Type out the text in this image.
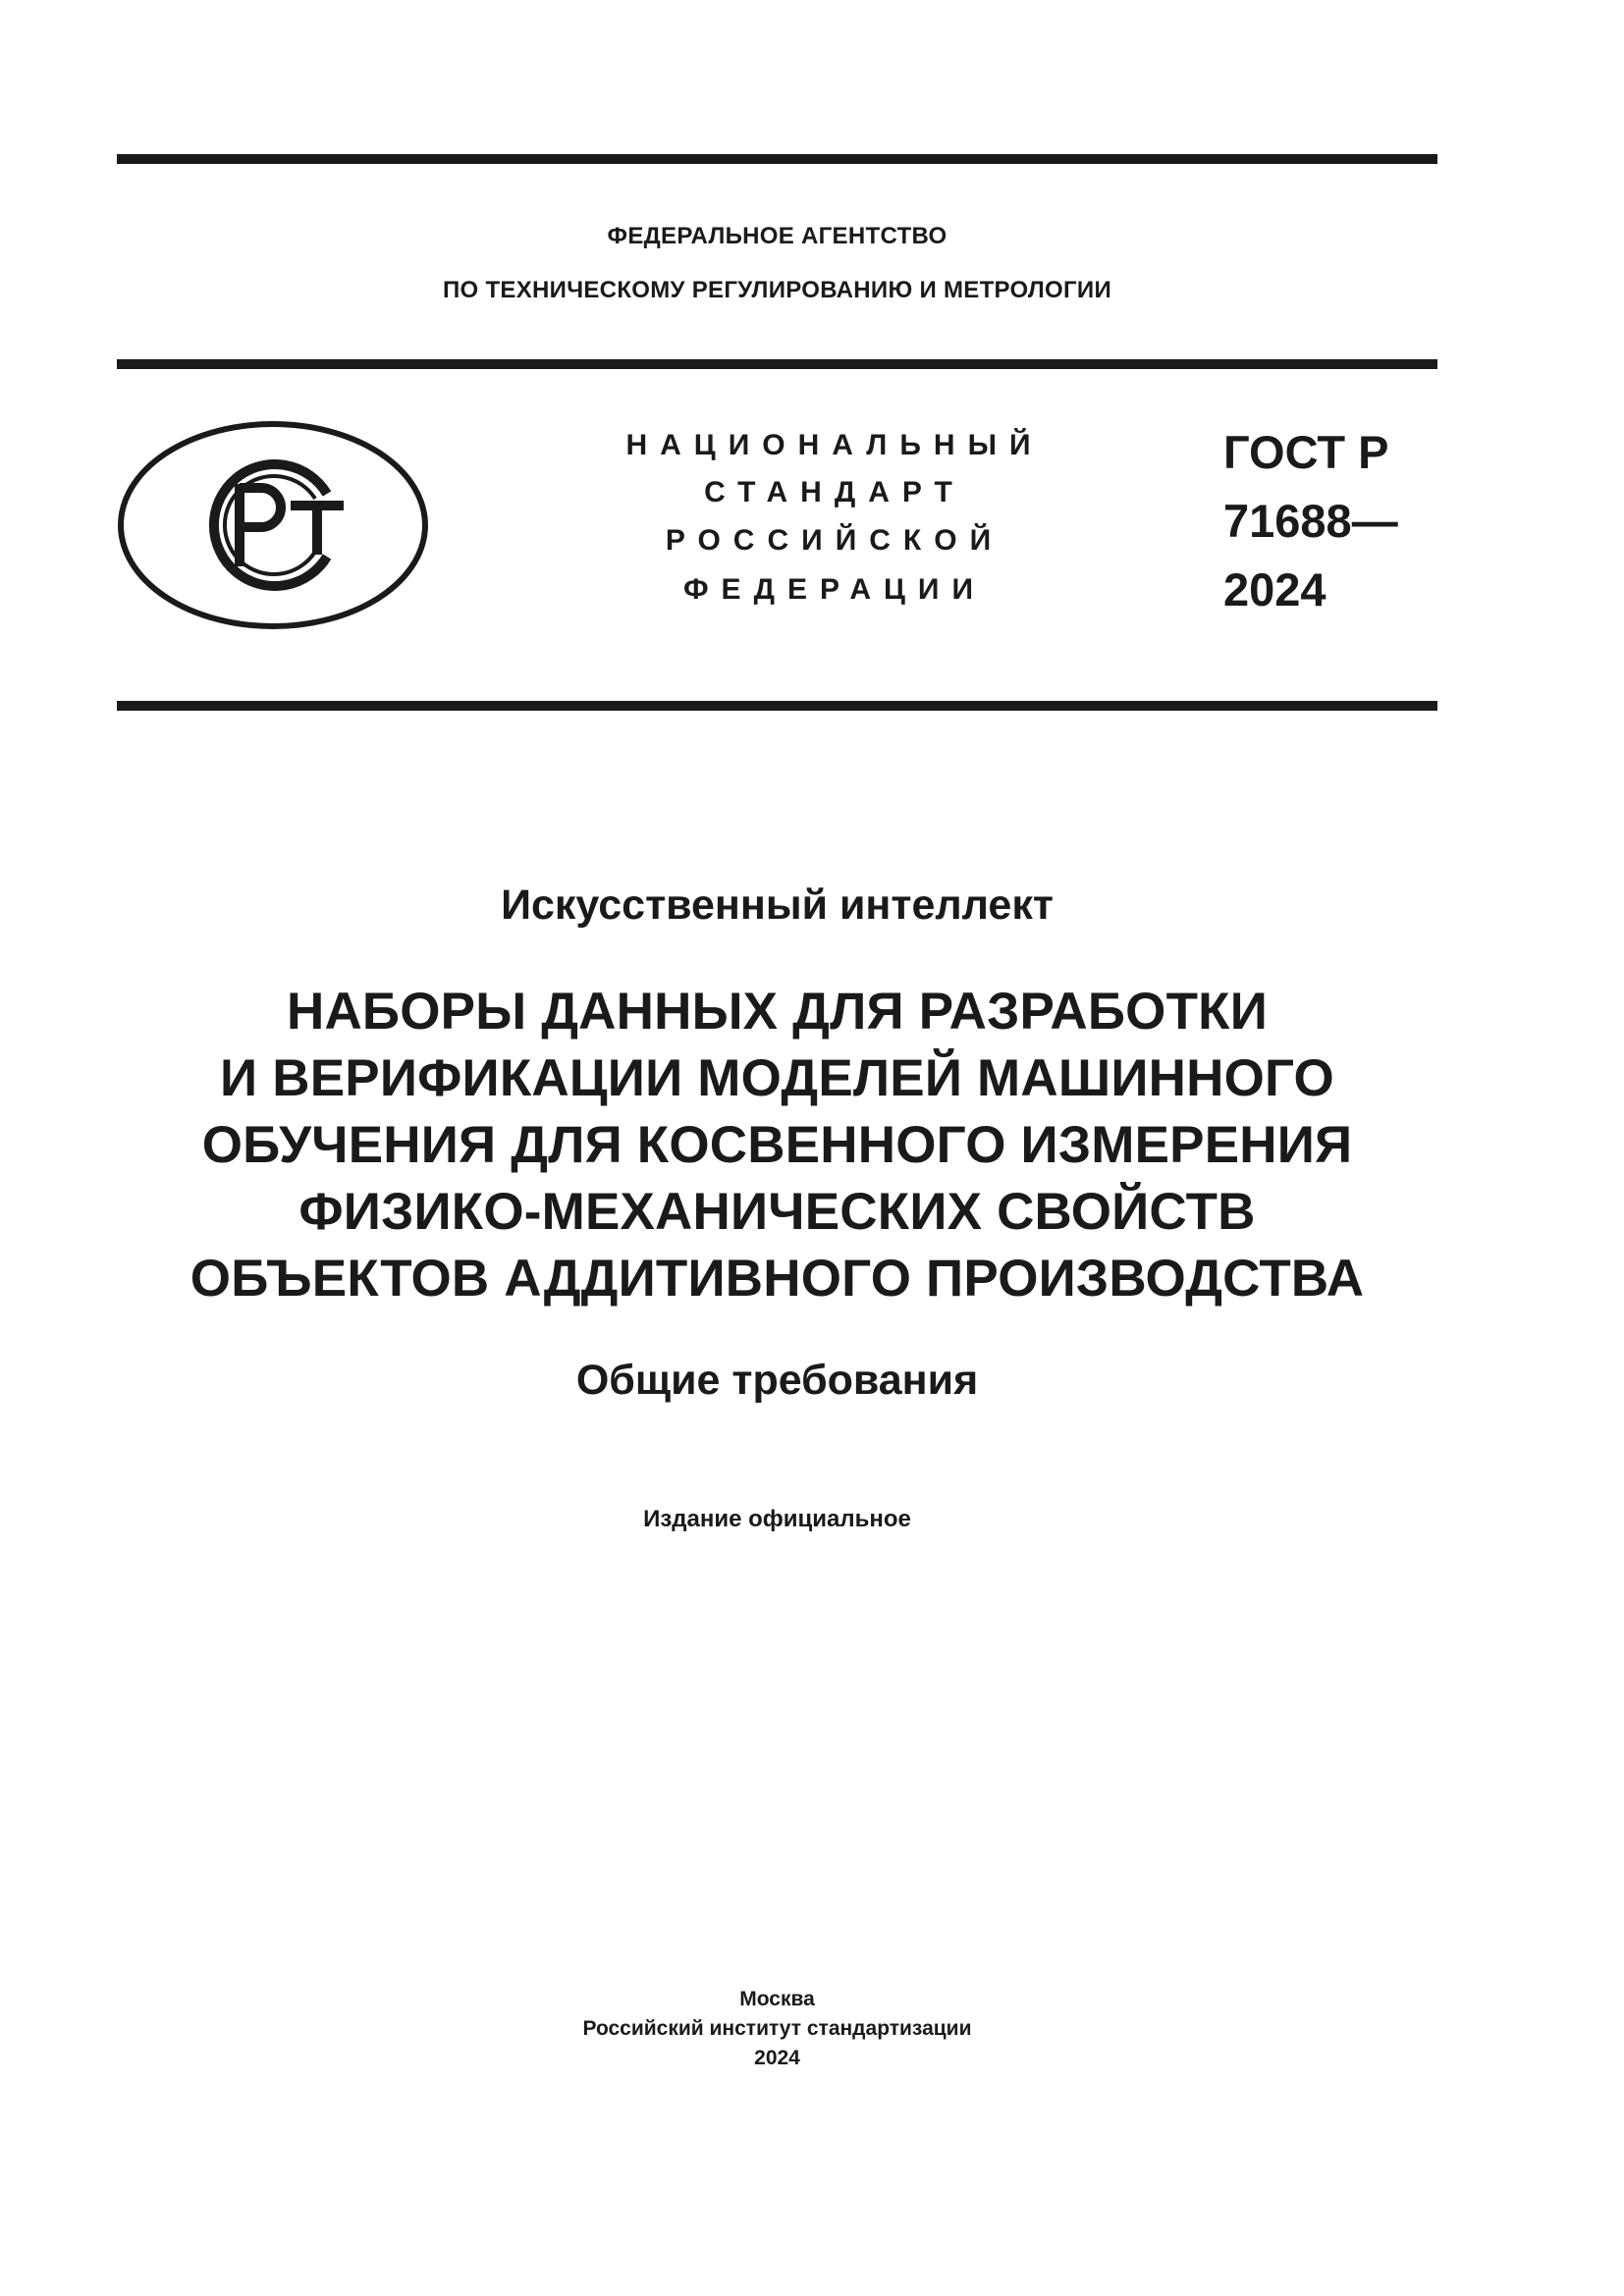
ФЕДЕРАЛЬНОЕ АГЕНТСТВО
ПО ТЕХНИЧЕСКОМУ РЕГУЛИРОВАНИЮ И МЕТРОЛОГИИ
НАЦИОНАЛЬНЫЙ
СТАНДАРТ
РОССИЙСКОЙ
ФЕДЕРАЦИИ
ГОСТ Р
71688—
2024
Искусственный интеллект
НАБОРЫ ДАННЫХ ДЛЯ РАЗРАБОТКИ
И ВЕРИФИКАЦИИ МОДЕЛЕЙ МАШИННОГО
ОБУЧЕНИЯ ДЛЯ КОСВЕННОГО ИЗМЕРЕНИЯ
ФИЗИКО-МЕХАНИЧЕСКИХ СВОЙСТВ
ОБЪЕКТОВ АДДИТИВНОГО ПРОИЗВОДСТВА
Общие требования
Издание официальное
Москва
Российский институт стандартизации
2024
